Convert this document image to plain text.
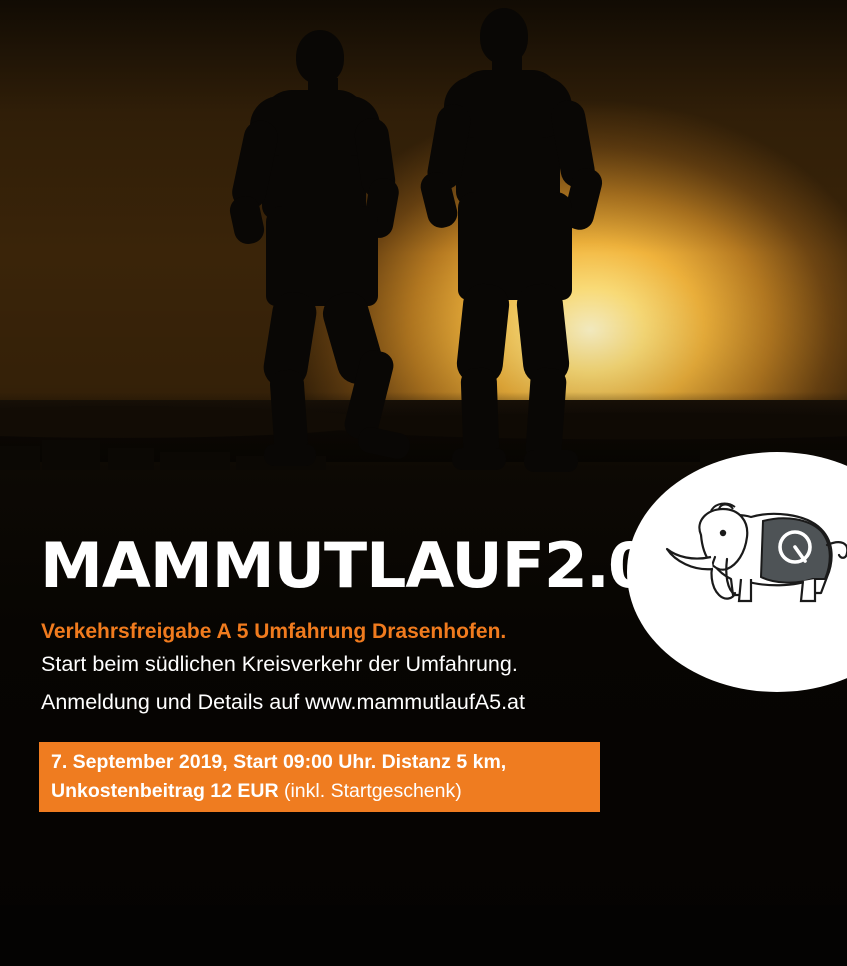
MAMMUTLAUF2.0
Verkehrsfreigabe A 5 Umfahrung Drasenhofen.
Start beim südlichen Kreisverkehr der Umfahrung.
Anmeldung und Details auf www.mammutlaufA5.at
7. September 2019, Start 09:00 Uhr. Distanz 5 km,
Unkostenbeitrag 12 EUR (inkl. Startgeschenk)
